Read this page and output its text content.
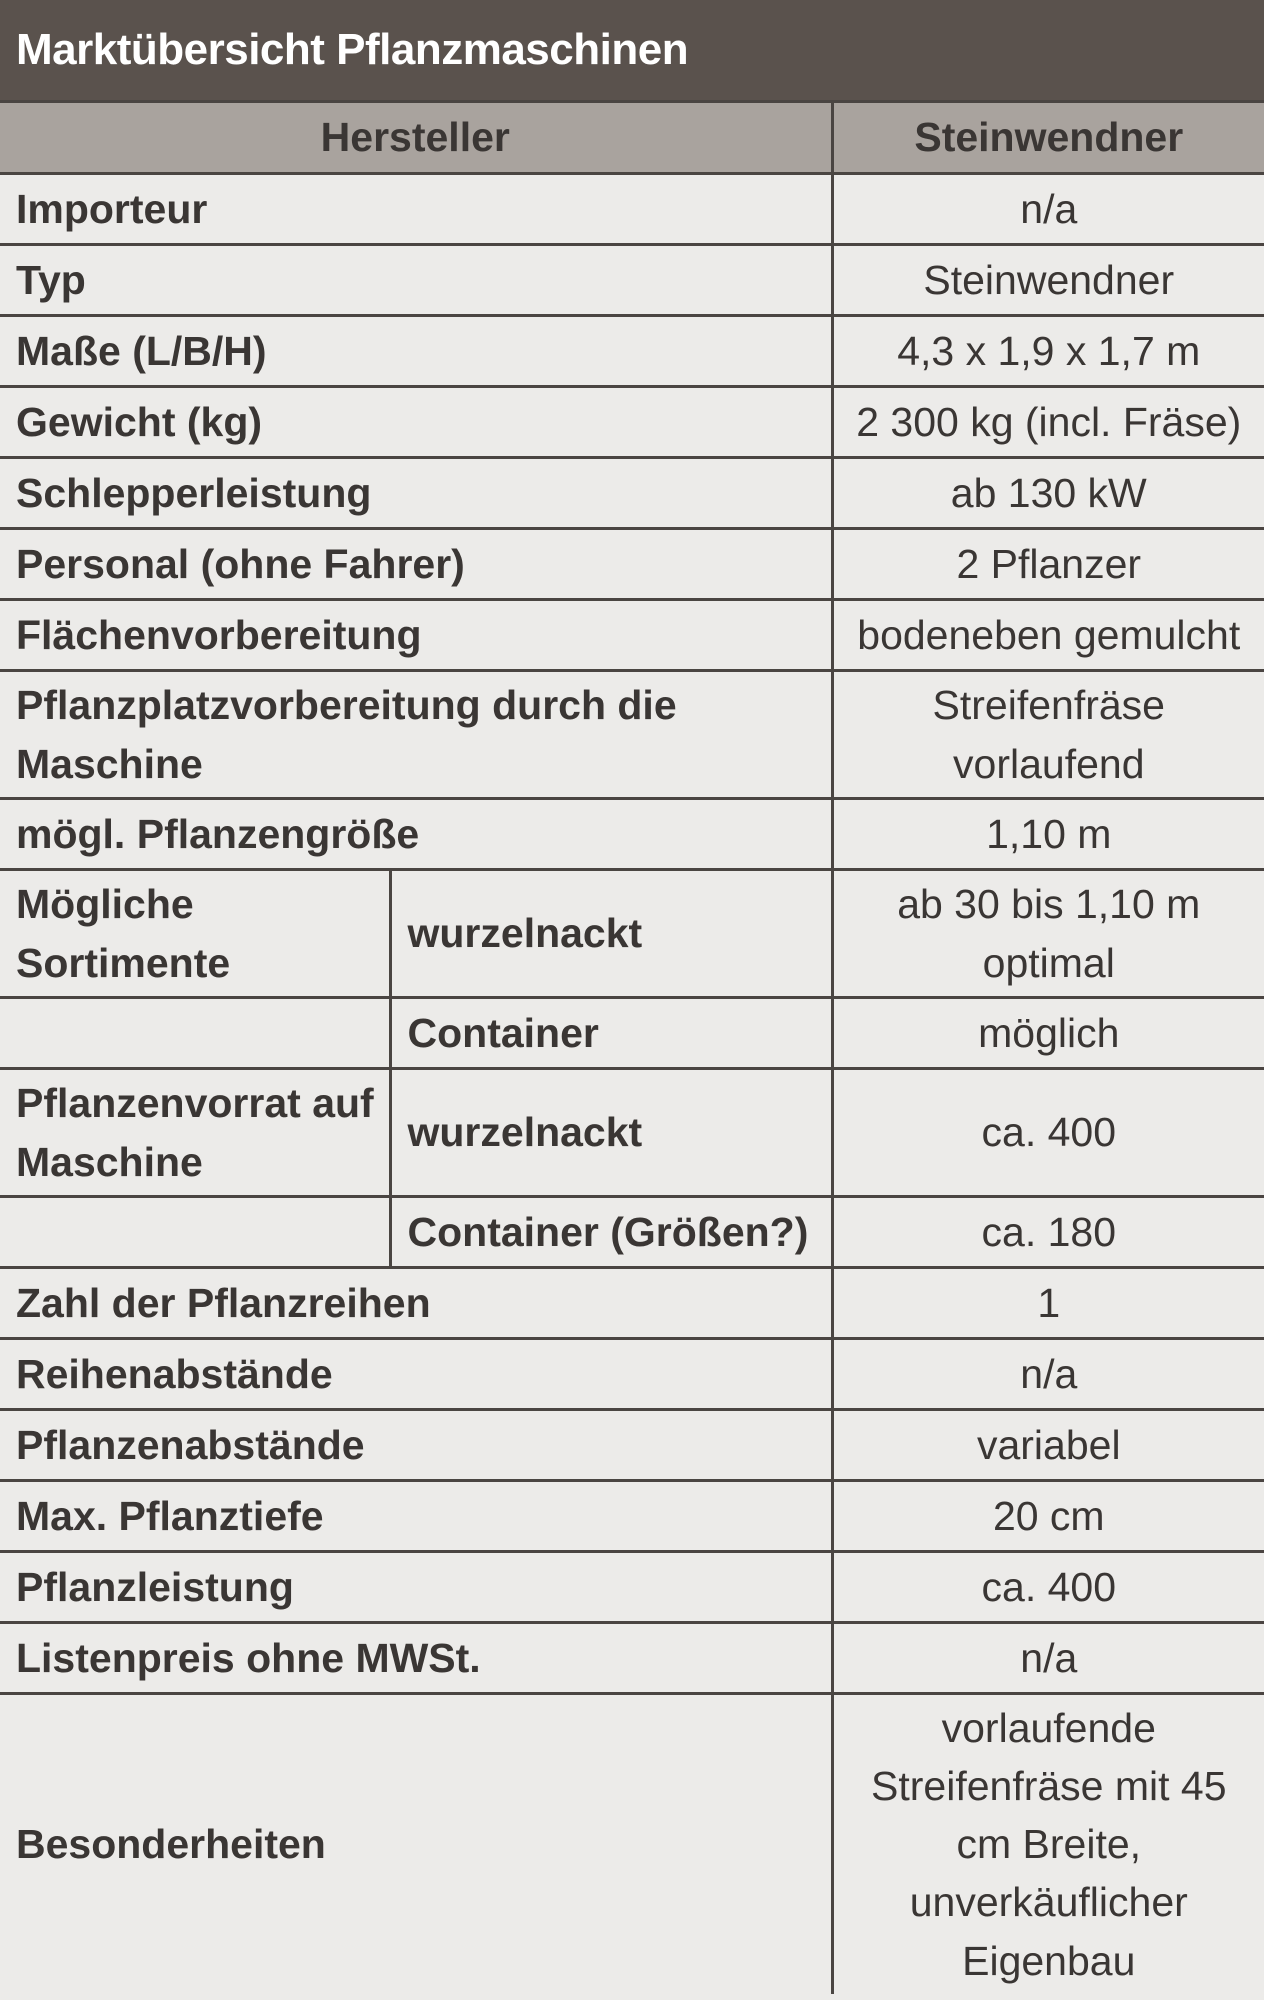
Marktübersicht Pflanzmaschinen
Hersteller		Steinwendner
Importeur		n/a
Typ		Steinwendner
Maße (L/B/H)		4,3 x 1,9 x 1,7 m
Gewicht (kg)		2 300 kg (incl. Fräse)
Schlepperleistung		ab 130 kW
Personal (ohne Fahrer)		2 Pflanzer
Flächenvorbereitung		bodeneben gemulcht
Pflanzplatzvorbereitung durch die Maschine		Streifenfräse vorlaufend
mögl. Pflanzengröße		1,10 m
Mögliche Sortimente	wurzelnackt	ab 30 bis 1,10 m optimal
	Container	möglich
Pflanzenvorrat auf Maschine	wurzelnackt	ca. 400
	Container (Größen?)	ca. 180
Zahl der Pflanzreihen		1
Reihenabstände		n/a
Pflanzenabstände		variabel
Max. Pflanztiefe		20 cm
Pflanzleistung		ca. 400
Listenpreis ohne MWSt.		n/a
Besonderheiten		vorlaufende Streifenfräse mit 45 cm Breite, unverkäuflicher Eigenbau
